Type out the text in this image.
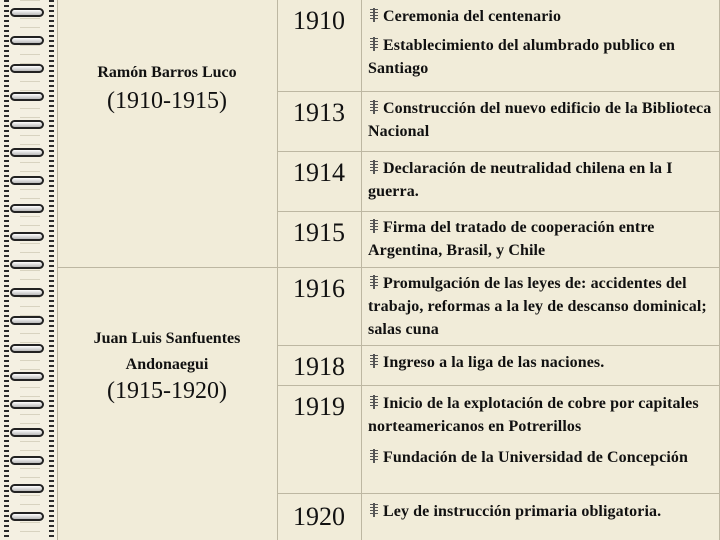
Ramón Barros Luco
(1910-1915)
Juan Luis Sanfuentes
Andonaegui
(1915-1920)
1910
1913
1914
1915
1916
1918
1919
1920
Ceremonia del centenario
Establecimiento del alumbrado publico en Santiago
Construcción del nuevo edificio de la Biblioteca Nacional
Declaración de neutralidad chilena en la I guerra.
Firma del tratado de cooperación entre Argentina, Brasil, y Chile
Promulgación de las leyes de: accidentes del trabajo, reformas a la ley de descanso dominical; salas cuna
Ingreso a la liga de las naciones.
Inicio de la explotación de cobre por capitales norteamericanos en Potrerillos
Fundación de la Universidad de Concepción
Ley de instrucción primaria obligatoria.
